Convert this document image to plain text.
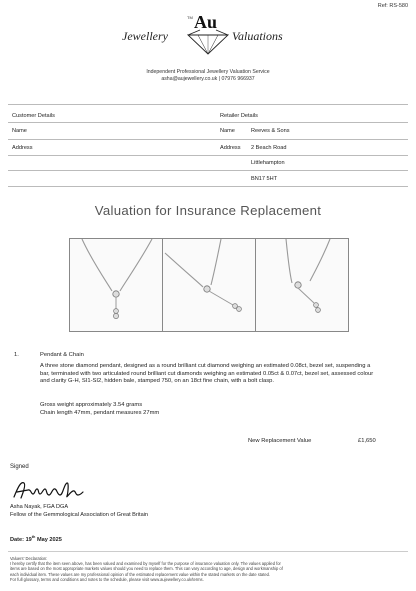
Ref: RS-580
Jewellery
Au
TM
Valuations
Independent Professional Jewellery Valuation Service
asha@aujewellery.co.uk | 07976 966937
Customer Details	Retailer Details
Name	Name	Reeves & Sons
Address	Address 2 Beach Road
Littlehampton
BN17 5HT
Valuation for Insurance Replacement
1.	Pendant & Chain
A three stone diamond pendant, designed as a round brilliant cut diamond weighing an estimated 0.08ct, bezel set, suspending a bar, terminated with two articulated round brilliant cut diamonds weighing an estimated 0.05ct & 0.07ct, bezel set, assessed colour and clarity G-H, SI1-SI2, hidden bale, stamped 750, on an 18ct fine chain, with a bolt clasp.
Gross weight approximately 3.54 grams
Chain length 47mm, pendant measures 27mm
New Replacement Value	£1,650
Signed
Asha Nayak, FGA DGA
Fellow of the Gemmological Association of Great Britain
Date: 19th May 2025
Valuers' Declaration:
I hereby certify that the item seen above, has been valued and examined by myself for the purpose of insurance valuation only. The values applied for
items are based on the most appropriate markets values should you need to replace them. This can vary according to age, design and workmanship of
each individual item. These values are my professional opinion of the estimated replacement value within the stated markets on the date stated.
For full glossary, terms and conditions and notes to the schedule, please visit www.aujewellery.co.uk/terms.
